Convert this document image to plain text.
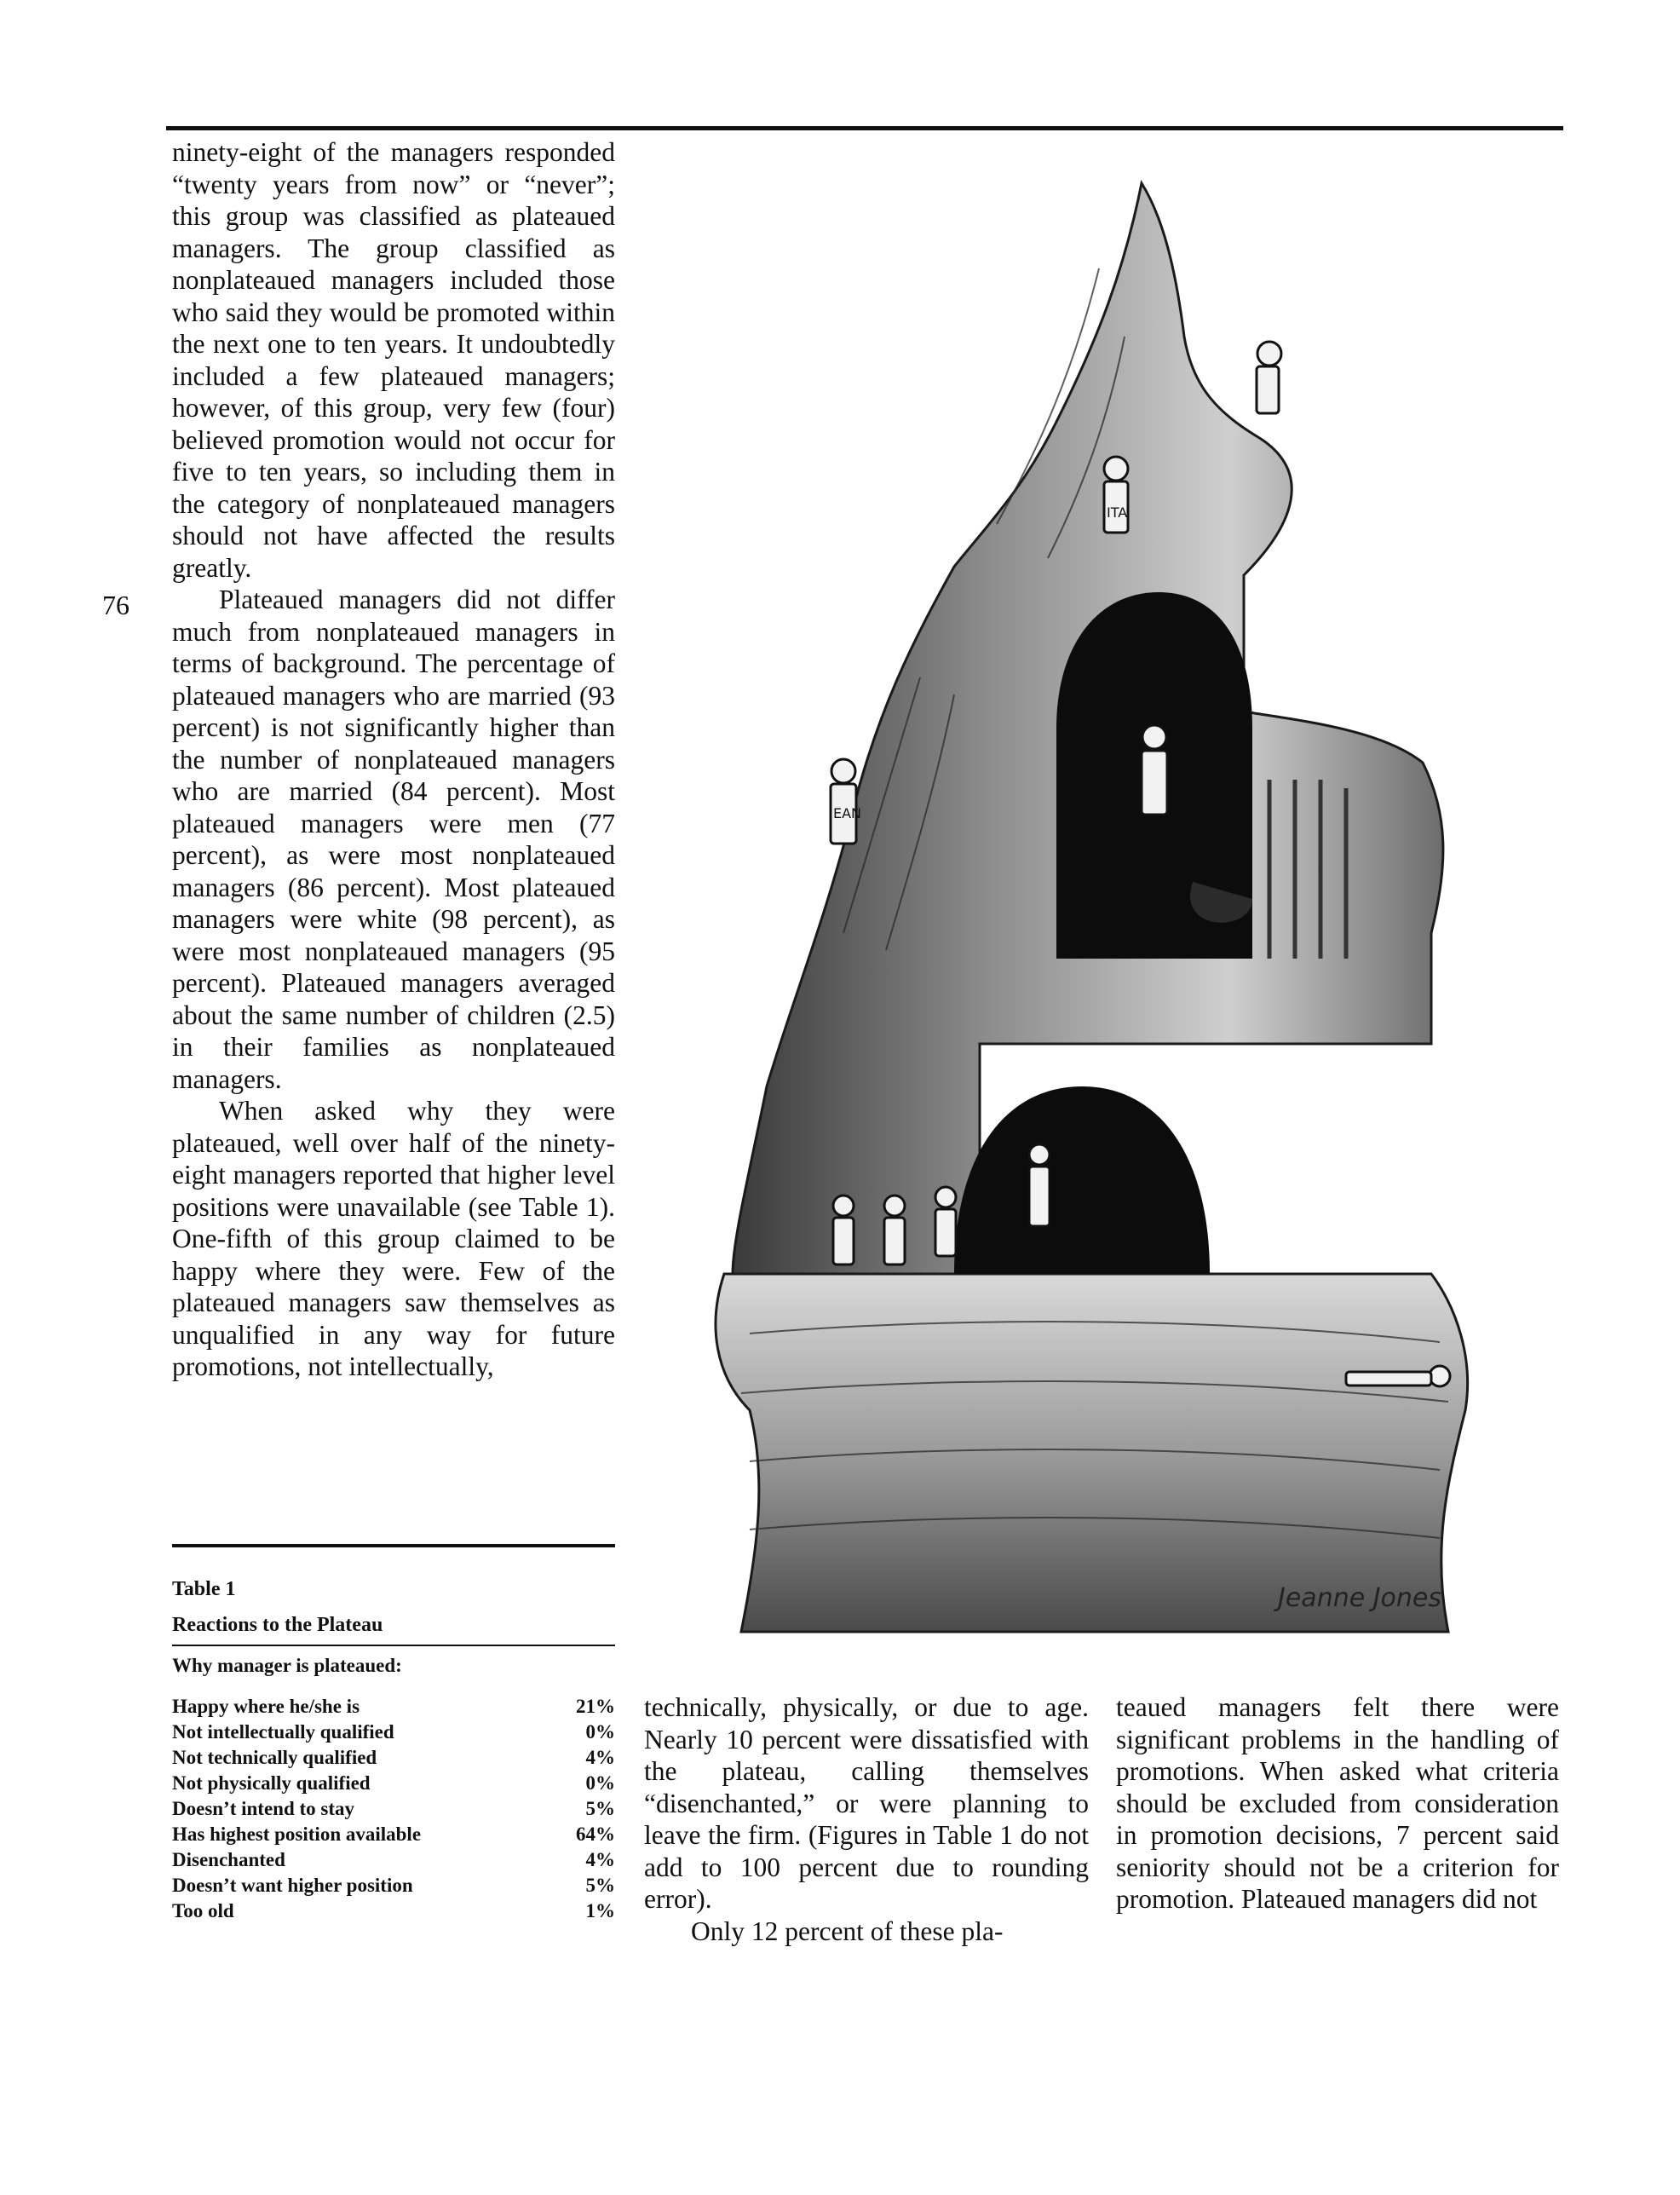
76

ninety-eight of the managers responded “twenty years from now” or “never”; this group was classified as plateaued managers. The group classified as nonplateaued managers included those who said they would be promoted within the next one to ten years. It undoubtedly included a few plateaued managers; however, of this group, very few (four) believed promotion would not occur for five to ten years, so including them in the category of nonplateaued managers should not have affected the results greatly.

Plateaued managers did not differ much from nonplateaued managers in terms of background. The percentage of plateaued managers who are married (93 percent) is not significantly higher than the number of nonplateaued managers who are married (84 percent). Most plateaued managers were men (77 percent), as were most nonplateaued managers (86 percent). Most plateaued managers were white (98 percent), as were most nonplateaued managers (95 percent). Plateaued managers averaged about the same number of children (2.5) in their families as nonplateaued managers.

When asked why they were plateaued, well over half of the ninety-eight managers reported that higher level positions were unavailable (see Table 1). One-fifth of this group claimed to be happy where they were. Few of the plateaued managers saw themselves as unqualified in any way for future promotions, not intellectually,

Table 1
Reactions to the Plateau
Why manager is plateaued:
Happy where he/she is	21%
Not intellectually qualified	0%
Not technically qualified	4%
Not physically qualified	0%
Doesn’t intend to stay	5%
Has highest position available	64%
Disenchanted	4%
Doesn’t want higher position	5%
Too old	1%

technically, physically, or due to age. Nearly 10 percent were dissatisfied with the plateau, calling themselves “disenchanted,” or were planning to leave the firm. (Figures in Table 1 do not add to 100 percent due to rounding error).

Only 12 percent of these pla-

teaued managers felt there were significant problems in the handling of promotions. When asked what criteria should be excluded from consideration in promotion decisions, 7 percent said seniority should not be a criterion for promotion. Plateaued managers did not

ITA
EAN
Jeanne Jones
